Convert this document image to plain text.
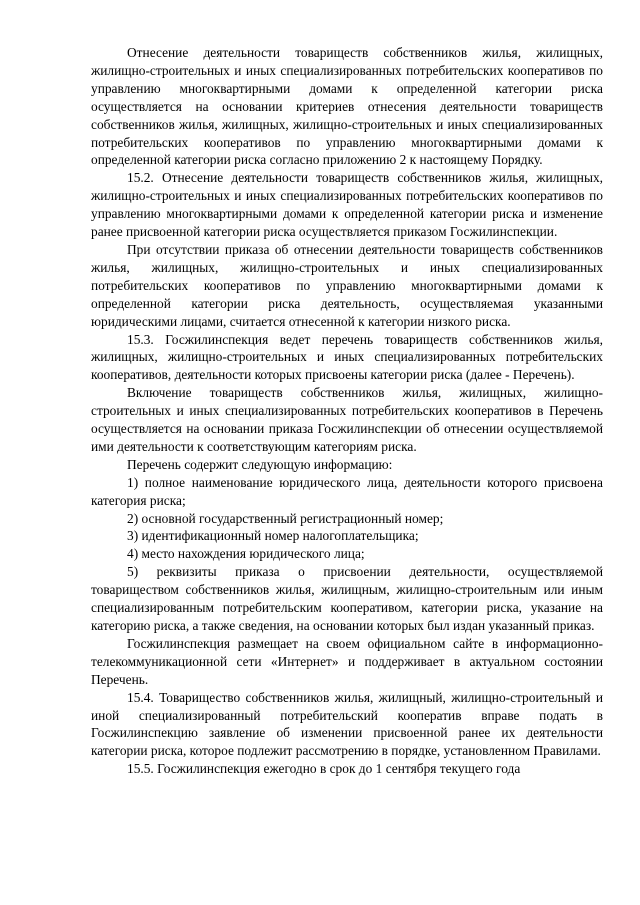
Отнесение деятельности товариществ собственников жилья, жилищных, жилищно-строительных и иных специализированных потребительских кооперативов по управлению многоквартирными домами к определенной категории риска осуществляется на основании критериев отнесения деятельности товариществ собственников жилья, жилищных, жилищно-строительных и иных специализированных потребительских кооперативов по управлению многоквартирными домами к определенной категории риска согласно приложению 2 к настоящему Порядку.

15.2. Отнесение деятельности товариществ собственников жилья, жилищных, жилищно-строительных и иных специализированных потребительских кооперативов по управлению многоквартирными домами к определенной категории риска и изменение ранее присвоенной категории риска осуществляется приказом Госжилинспекции.

При отсутствии приказа об отнесении деятельности товариществ собственников жилья, жилищных, жилищно-строительных и иных специализированных потребительских кооперативов по управлению многоквартирными домами к определенной категории риска деятельность, осуществляемая указанными юридическими лицами, считается отнесенной к категории низкого риска.

15.3. Госжилинспекция ведет перечень товариществ собственников жилья, жилищных, жилищно-строительных и иных специализированных потребительских кооперативов, деятельности которых присвоены категории риска (далее - Перечень).

Включение товариществ собственников жилья, жилищных, жилищно-строительных и иных специализированных потребительских кооперативов в Перечень осуществляется на основании приказа Госжилинспекции об отнесении осуществляемой ими деятельности к соответствующим категориям риска.

Перечень содержит следующую информацию:

1) полное наименование юридического лица, деятельности которого присвоена категория риска;

2) основной государственный регистрационный номер;

3) идентификационный номер налогоплательщика;

4) место нахождения юридического лица;

5) реквизиты приказа о присвоении деятельности, осуществляемой товариществом собственников жилья, жилищным, жилищно-строительным или иным специализированным потребительским кооперативом, категории риска, указание на категорию риска, а также сведения, на основании которых был издан указанный приказ.

Госжилинспекция размещает на своем официальном сайте в информационно-телекоммуникационной сети «Интернет» и поддерживает в актуальном состоянии Перечень.

15.4. Товарищество собственников жилья, жилищный, жилищно-строительный и иной специализированный потребительский кооператив вправе подать в Госжилинспекцию заявление об изменении присвоенной ранее их деятельности категории риска, которое подлежит рассмотрению в порядке, установленном Правилами.

15.5. Госжилинспекция ежегодно в срок до 1 сентября текущего года
